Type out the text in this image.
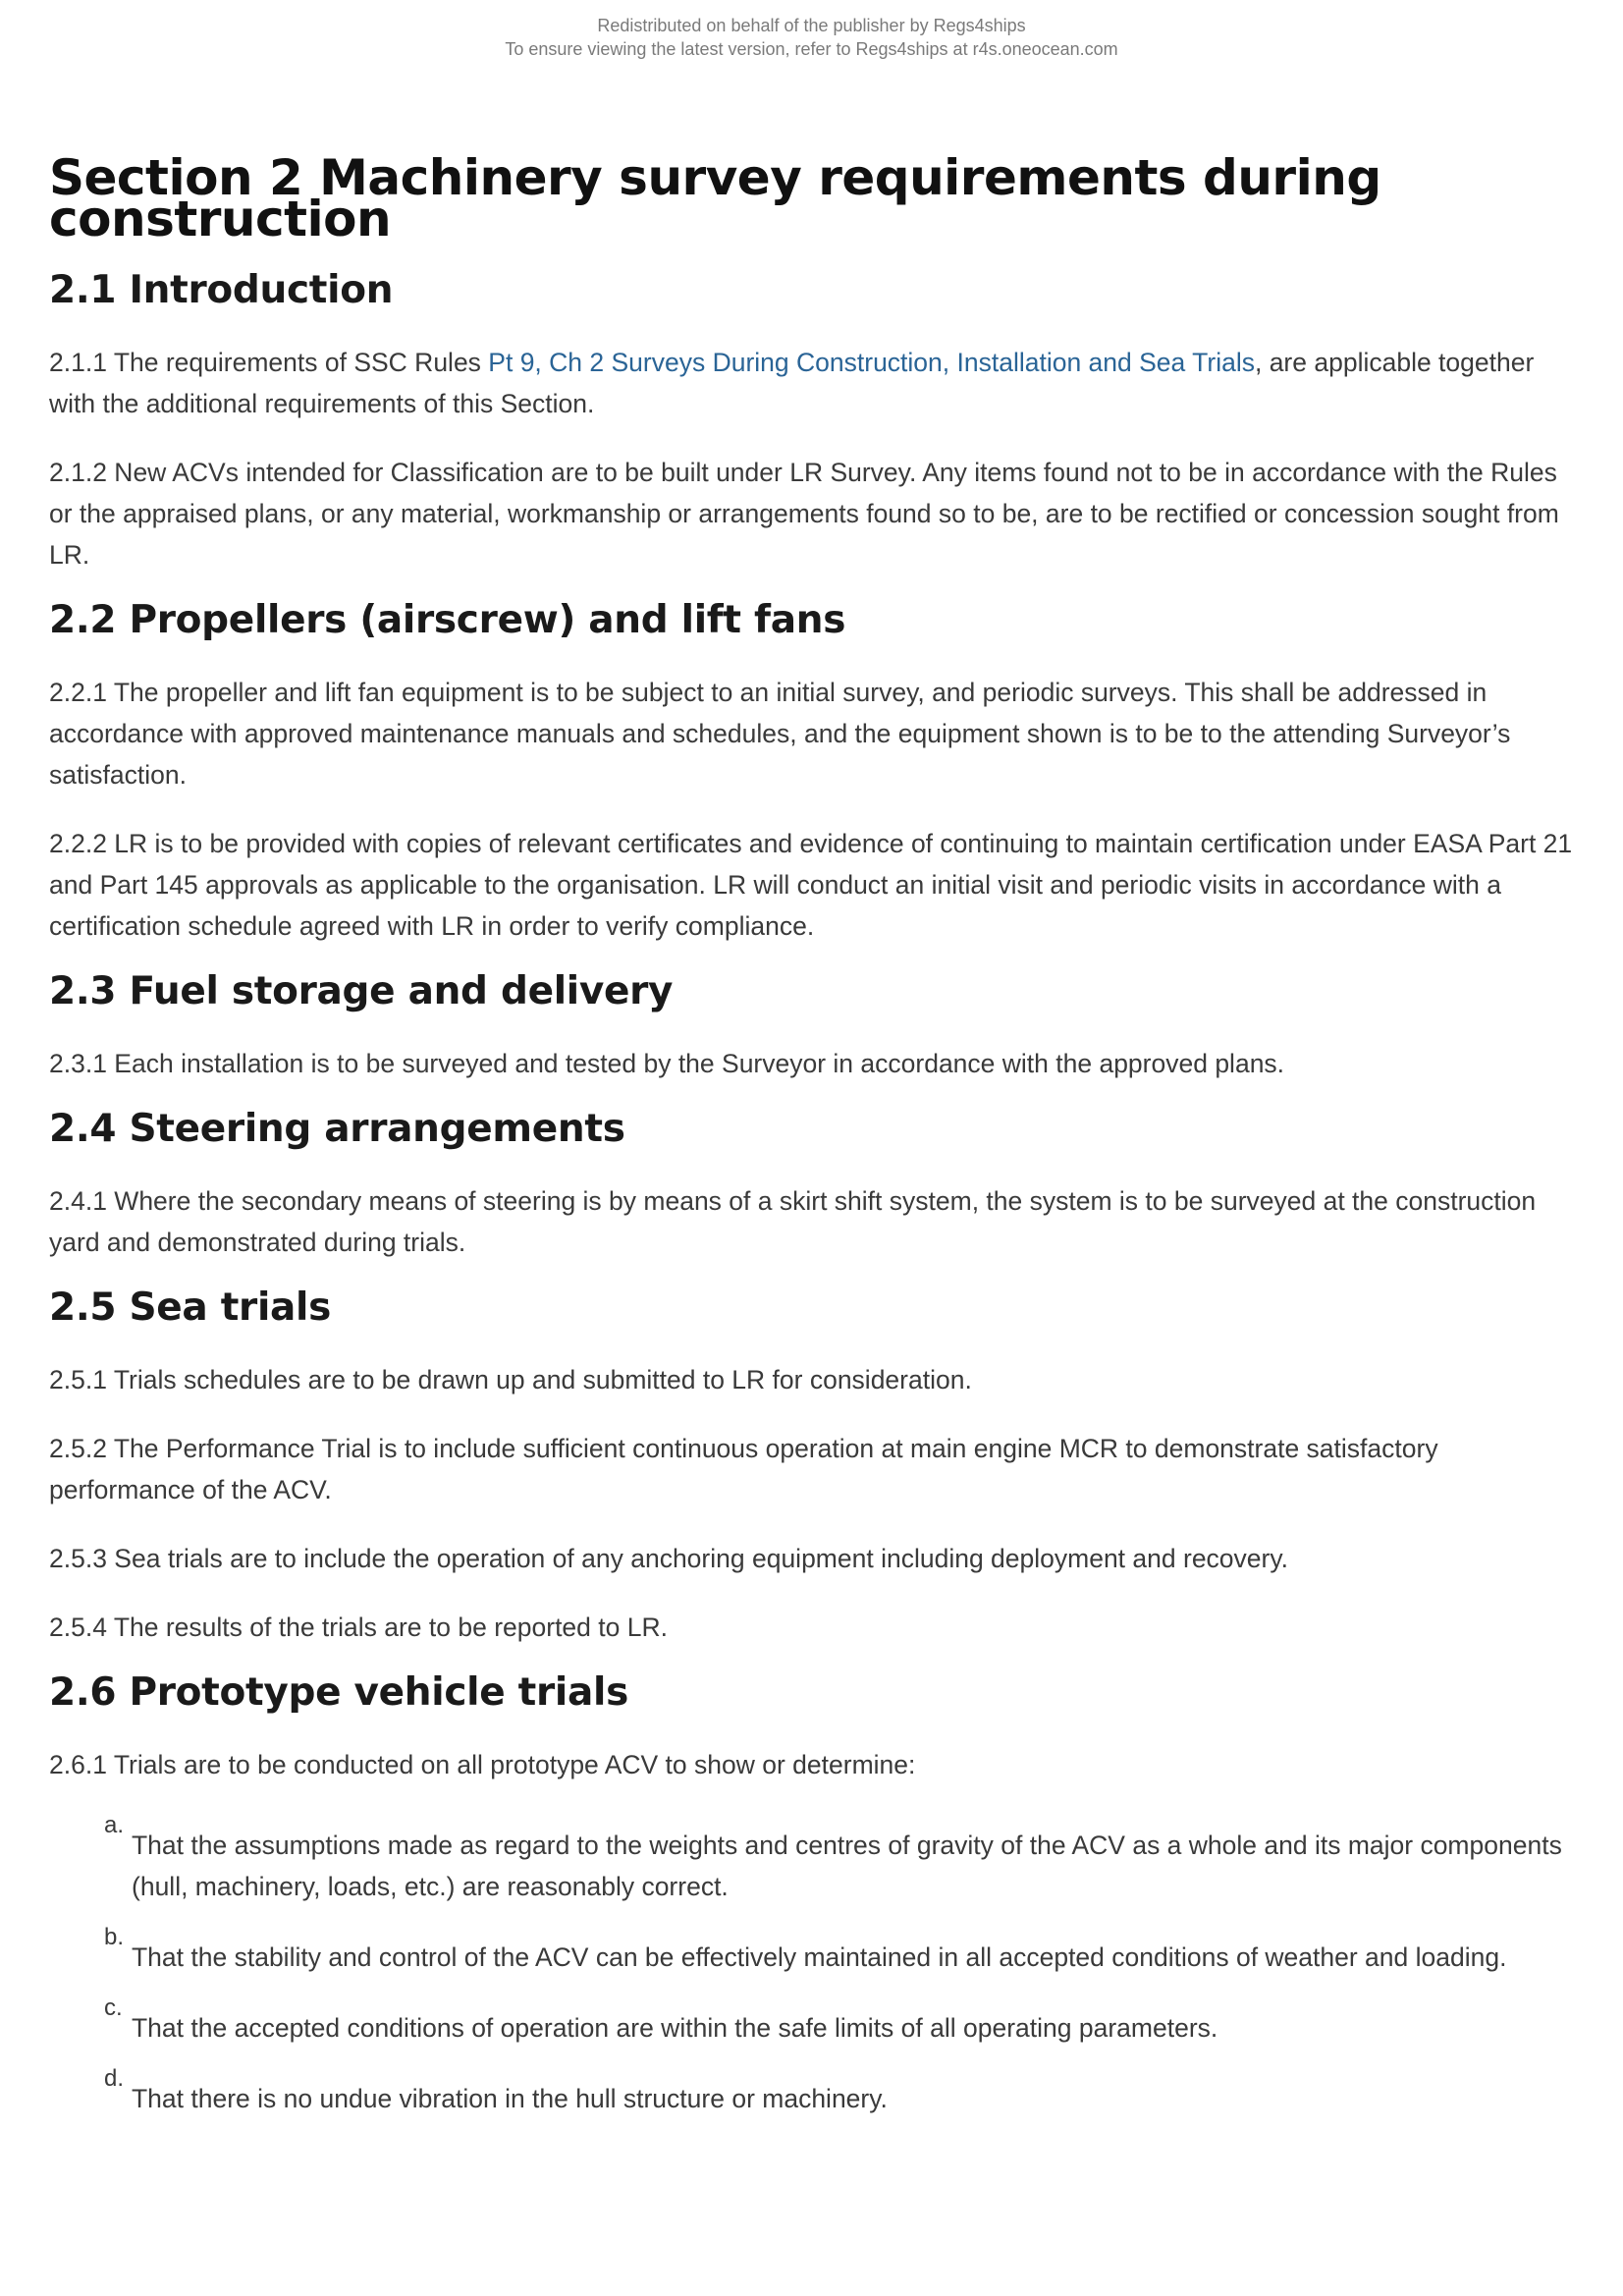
Redistributed on behalf of the publisher by Regs4ships
To ensure viewing the latest version, refer to Regs4ships at r4s.oneocean.com
Section 2 Machinery survey requirements during
construction
2.1 Introduction

2.1.1 The requirements of SSC Rules Pt 9, Ch 2 Surveys During Construction, Installation and Sea Trials, are applicable together with the additional requirements of this Section.

2.1.2 New ACVs intended for Classification are to be built under LR Survey. Any items found not to be in accordance with the Rules or the appraised plans, or any material, workmanship or arrangements found so to be, are to be rectified or concession sought from LR.

2.2 Propellers (airscrew) and lift fans

2.2.1 The propeller and lift fan equipment is to be subject to an initial survey, and periodic surveys. This shall be addressed in accordance with approved maintenance manuals and schedules, and the equipment shown is to be to the attending Surveyor’s satisfaction.

2.2.2 LR is to be provided with copies of relevant certificates and evidence of continuing to maintain certification under EASA Part 21 and Part 145 approvals as applicable to the organisation. LR will conduct an initial visit and periodic visits in accordance with a certification schedule agreed with LR in order to verify compliance.

2.3 Fuel storage and delivery

2.3.1 Each installation is to be surveyed and tested by the Surveyor in accordance with the approved plans.

2.4 Steering arrangements

2.4.1 Where the secondary means of steering is by means of a skirt shift system, the system is to be surveyed at the construction yard and demonstrated during trials.

2.5 Sea trials

2.5.1 Trials schedules are to be drawn up and submitted to LR for consideration.

2.5.2 The Performance Trial is to include sufficient continuous operation at main engine MCR to demonstrate satisfactory performance of the ACV.

2.5.3 Sea trials are to include the operation of any anchoring equipment including deployment and recovery.

2.5.4 The results of the trials are to be reported to LR.

2.6 Prototype vehicle trials

2.6.1 Trials are to be conducted on all prototype ACV to show or determine:

a.
That the assumptions made as regard to the weights and centres of gravity of the ACV as a whole and its major components (hull, machinery, loads, etc.) are reasonably correct.
b.
That the stability and control of the ACV can be effectively maintained in all accepted conditions of weather and loading.
c.
That the accepted conditions of operation are within the safe limits of all operating parameters.
d.
That there is no undue vibration in the hull structure or machinery.
